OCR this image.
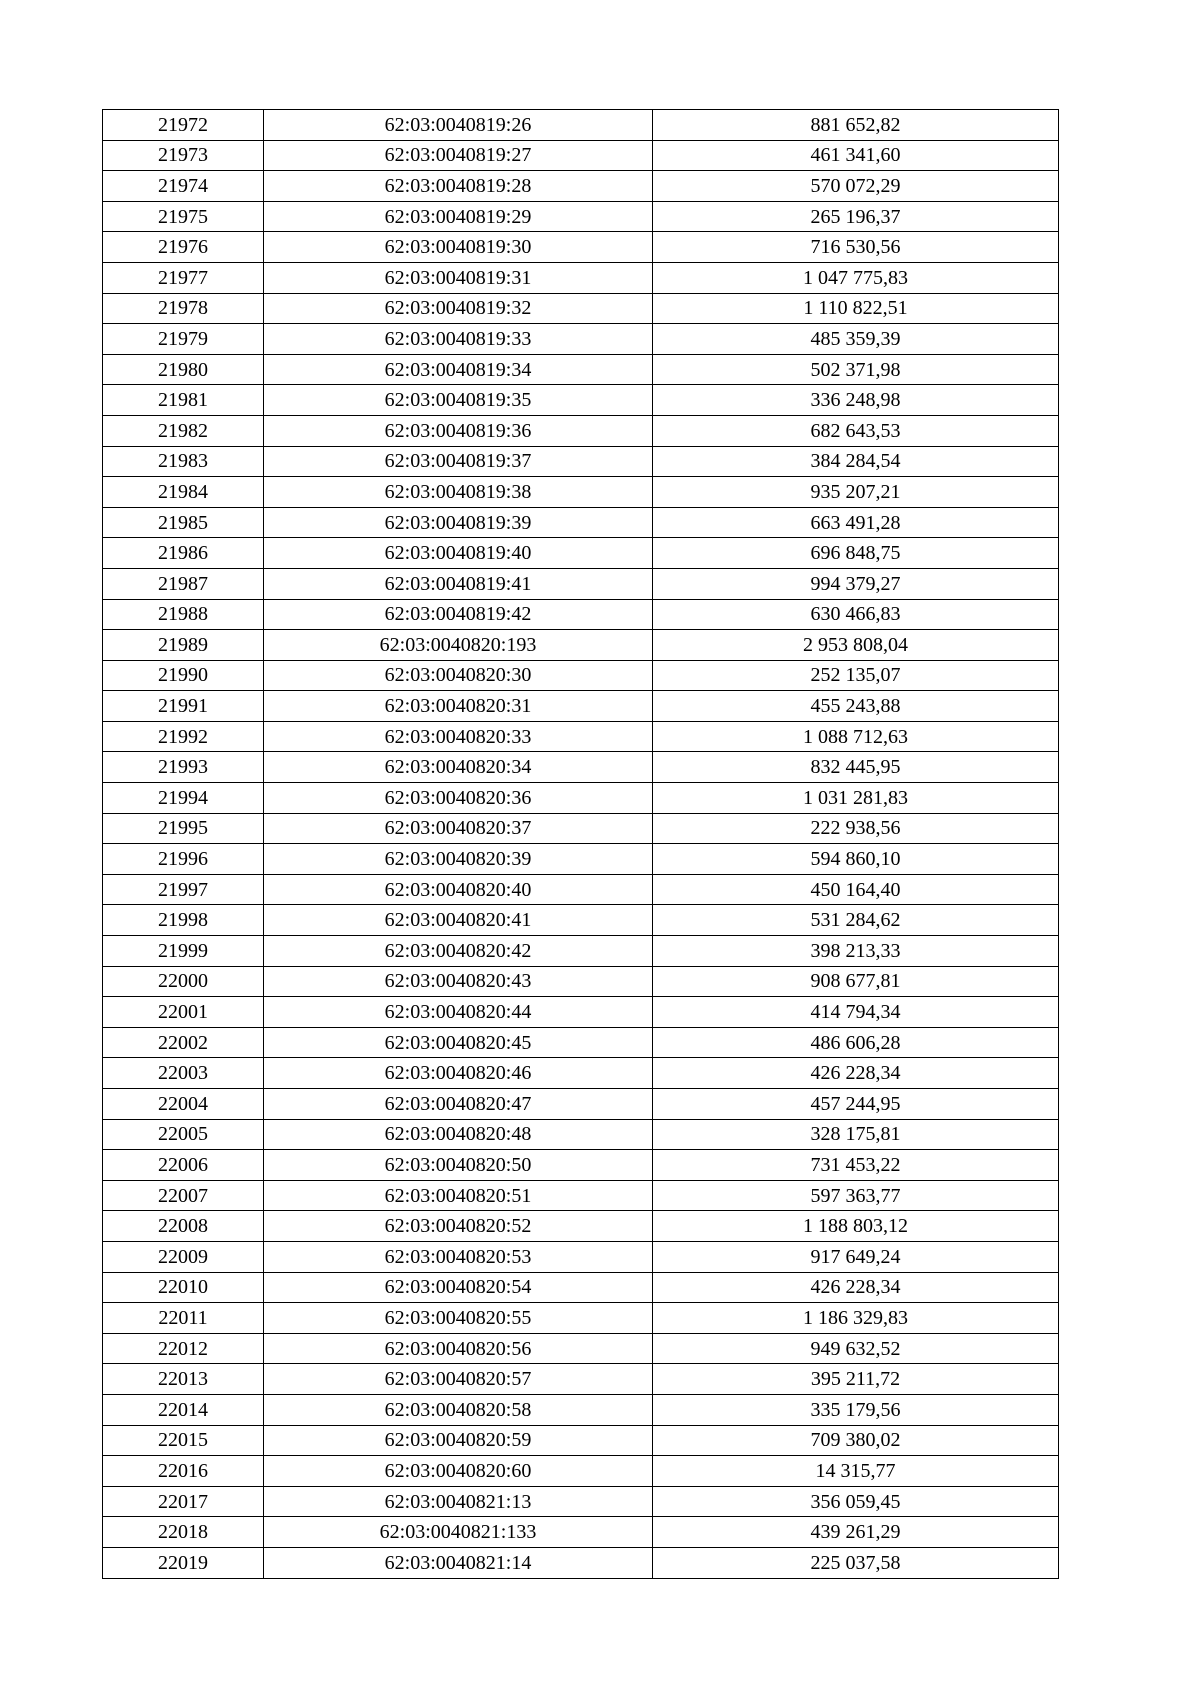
21972	62:03:0040819:26	881 652,82
21973	62:03:0040819:27	461 341,60
21974	62:03:0040819:28	570 072,29
21975	62:03:0040819:29	265 196,37
21976	62:03:0040819:30	716 530,56
21977	62:03:0040819:31	1 047 775,83
21978	62:03:0040819:32	1 110 822,51
21979	62:03:0040819:33	485 359,39
21980	62:03:0040819:34	502 371,98
21981	62:03:0040819:35	336 248,98
21982	62:03:0040819:36	682 643,53
21983	62:03:0040819:37	384 284,54
21984	62:03:0040819:38	935 207,21
21985	62:03:0040819:39	663 491,28
21986	62:03:0040819:40	696 848,75
21987	62:03:0040819:41	994 379,27
21988	62:03:0040819:42	630 466,83
21989	62:03:0040820:193	2 953 808,04
21990	62:03:0040820:30	252 135,07
21991	62:03:0040820:31	455 243,88
21992	62:03:0040820:33	1 088 712,63
21993	62:03:0040820:34	832 445,95
21994	62:03:0040820:36	1 031 281,83
21995	62:03:0040820:37	222 938,56
21996	62:03:0040820:39	594 860,10
21997	62:03:0040820:40	450 164,40
21998	62:03:0040820:41	531 284,62
21999	62:03:0040820:42	398 213,33
22000	62:03:0040820:43	908 677,81
22001	62:03:0040820:44	414 794,34
22002	62:03:0040820:45	486 606,28
22003	62:03:0040820:46	426 228,34
22004	62:03:0040820:47	457 244,95
22005	62:03:0040820:48	328 175,81
22006	62:03:0040820:50	731 453,22
22007	62:03:0040820:51	597 363,77
22008	62:03:0040820:52	1 188 803,12
22009	62:03:0040820:53	917 649,24
22010	62:03:0040820:54	426 228,34
22011	62:03:0040820:55	1 186 329,83
22012	62:03:0040820:56	949 632,52
22013	62:03:0040820:57	395 211,72
22014	62:03:0040820:58	335 179,56
22015	62:03:0040820:59	709 380,02
22016	62:03:0040820:60	14 315,77
22017	62:03:0040821:13	356 059,45
22018	62:03:0040821:133	439 261,29
22019	62:03:0040821:14	225 037,58
